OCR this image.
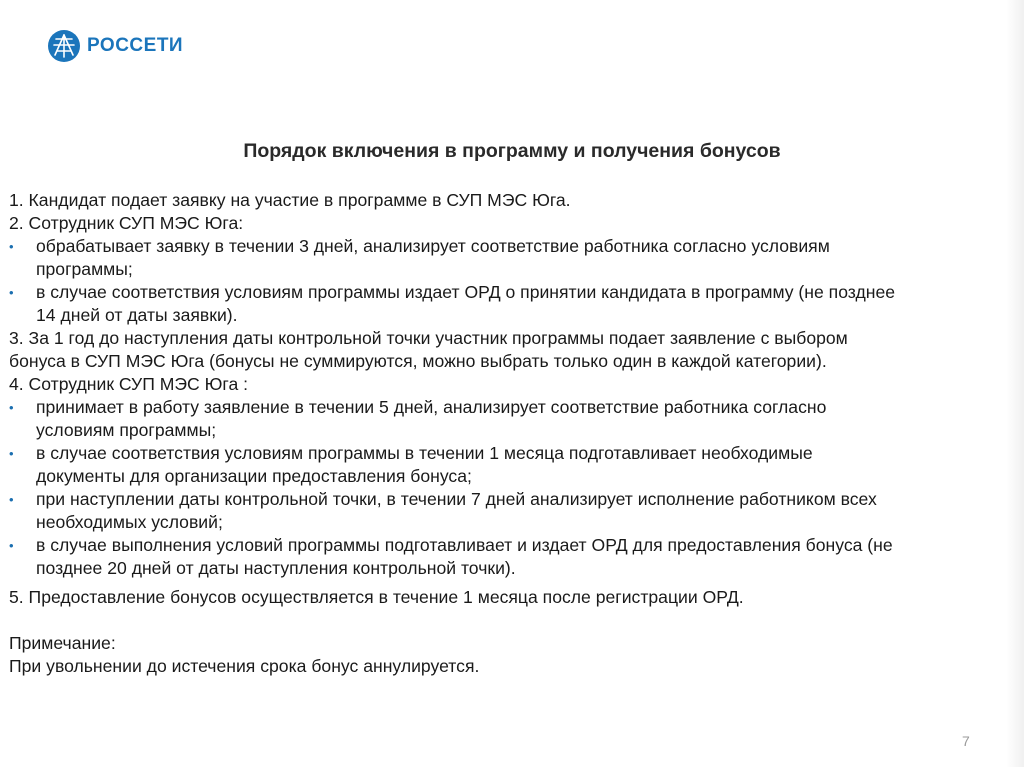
РОССЕТИ
Порядок включения в программу и получения бонусов
1. Кандидат подает заявку на участие в программе в СУП МЭС Юга.
2. Сотрудник СУП МЭС Юга:
•	обрабатывает заявку в течении 3 дней, анализирует соответствие работника согласно условиям
программы;
•	в случае соответствия условиям программы издает ОРД о принятии кандидата в программу (не позднее
14 дней от даты заявки).
3. За 1 год до наступления даты контрольной точки участник программы подает заявление с выбором
бонуса в СУП МЭС Юга (бонусы не суммируются, можно выбрать только один в каждой категории).
4. Сотрудник СУП МЭС Юга :
•	принимает в работу заявление в течении 5 дней, анализирует соответствие работника согласно
условиям программы;
•	в случае соответствия условиям программы в течении 1 месяца подготавливает необходимые
документы для организации предоставления бонуса;
•	при наступлении даты контрольной точки, в течении 7 дней анализирует исполнение работником всех
необходимых условий;
•	в случае выполнения условий программы подготавливает и издает ОРД для предоставления бонуса (не
позднее 20 дней от даты наступления контрольной точки).
5. Предоставление бонусов осуществляется в течение 1 месяца после регистрации ОРД.
Примечание:
При увольнении до истечения срока бонус аннулируется.
7
